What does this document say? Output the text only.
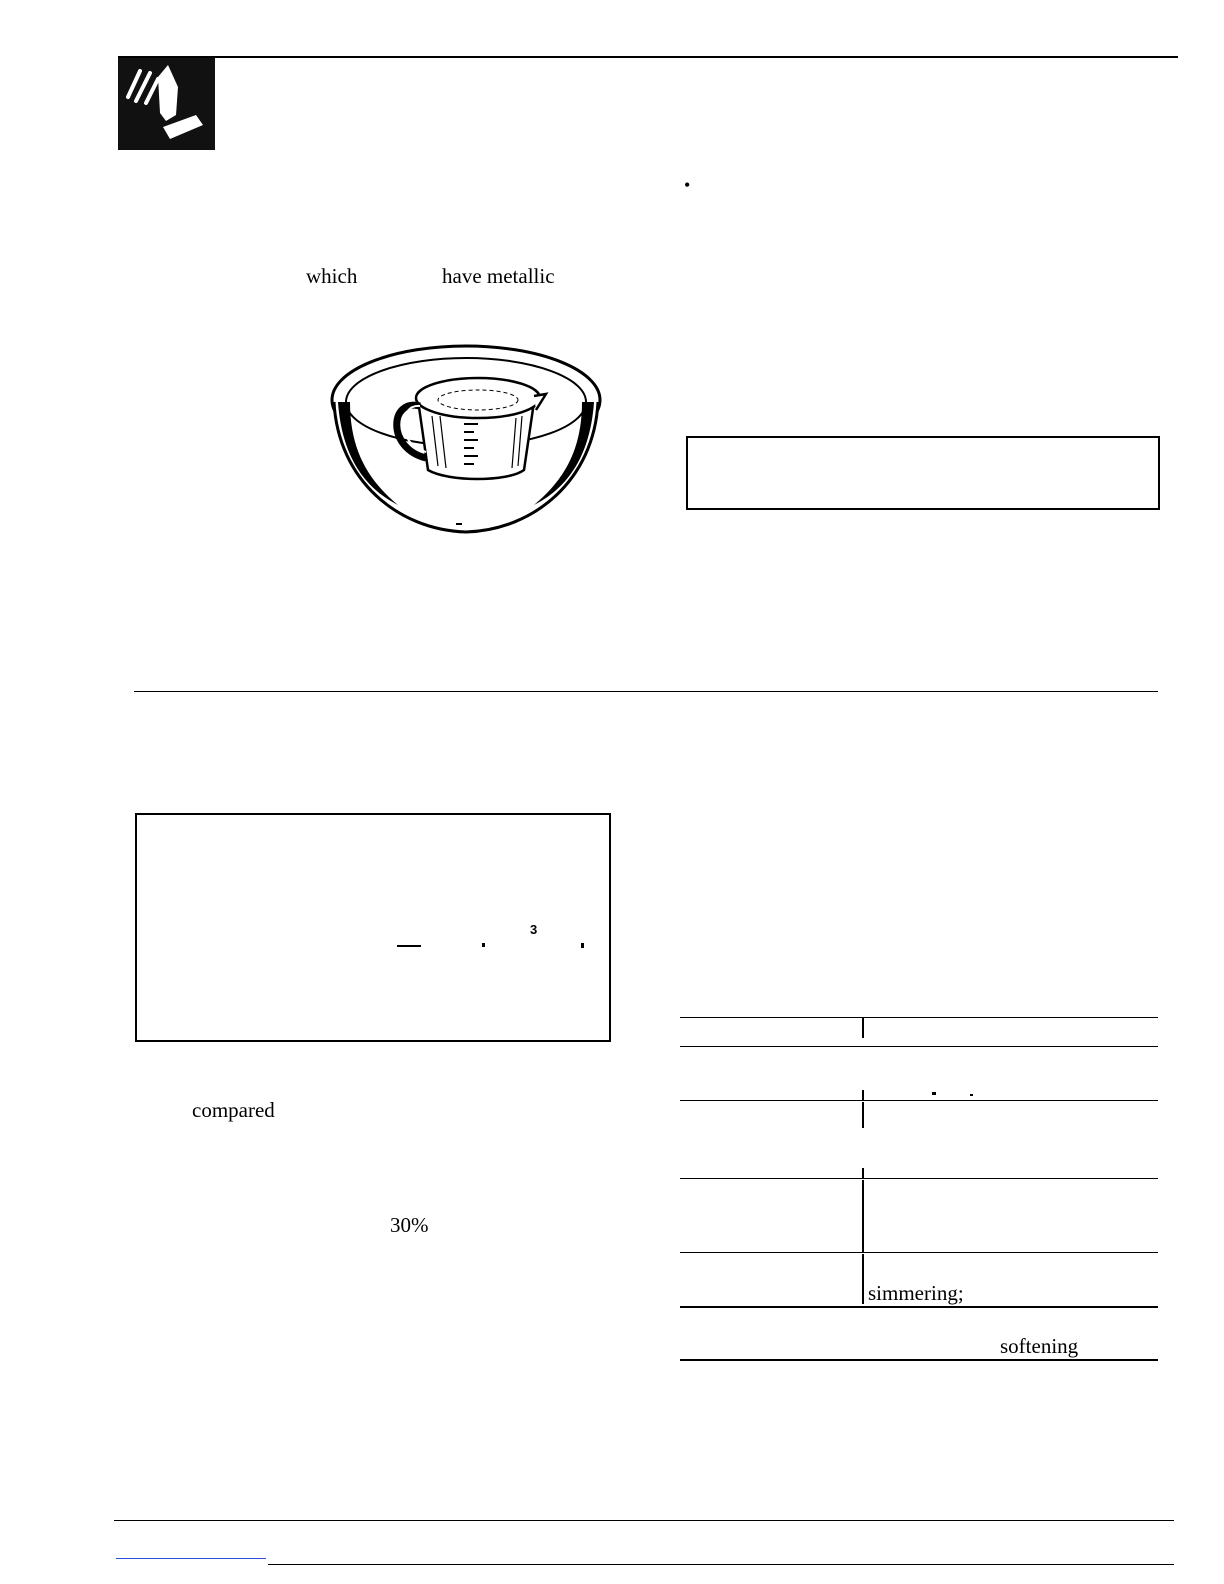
which	have metallic
•
3
compared
30%
simmering;
softening
